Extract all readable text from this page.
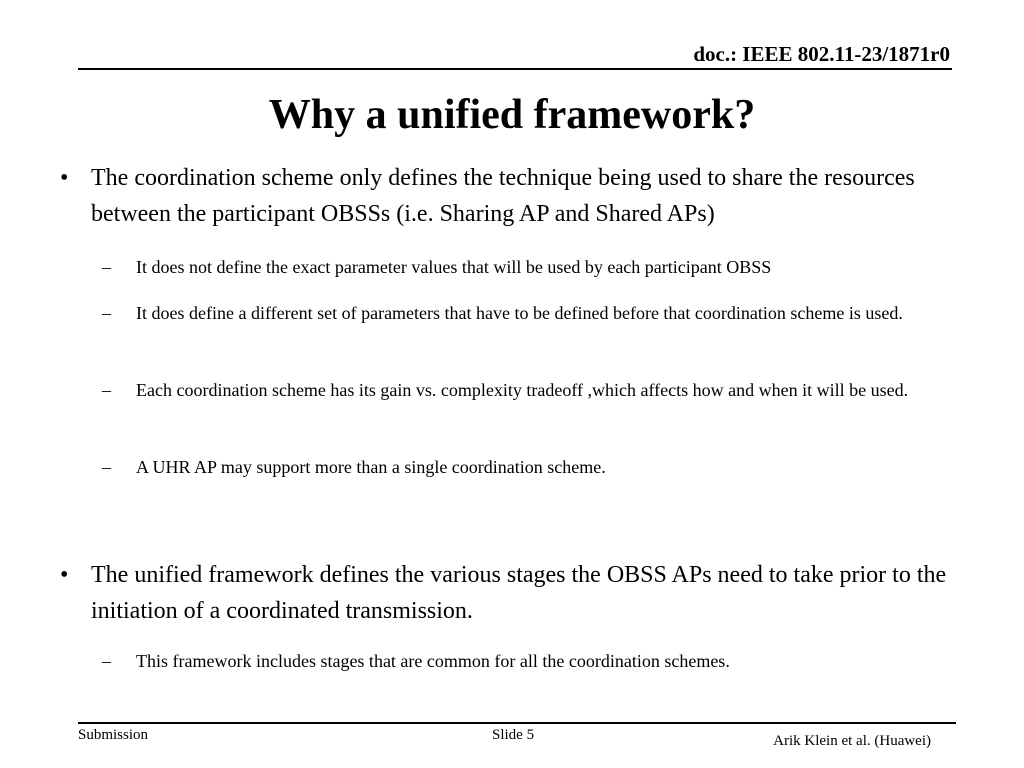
doc.: IEEE 802.11-23/1871r0
Why a unified framework?
• The coordination scheme only defines the technique being used to share the resources between the participant OBSSs (i.e. Sharing AP and Shared APs)
– It does not define the exact parameter values that will be used by each participant OBSS
– It does define a different set of parameters that have to be defined before that coordination scheme is used.
– Each coordination scheme has its gain vs. complexity tradeoff ,which affects how and when it will be used.
– A UHR AP may support more than a single coordination scheme.
• The unified framework defines the various stages the OBSS APs need to take prior to the initiation of a coordinated transmission.
– This framework includes stages that are common for all the coordination schemes.
Submission	Slide 5	Arik Klein et al. (Huawei)
